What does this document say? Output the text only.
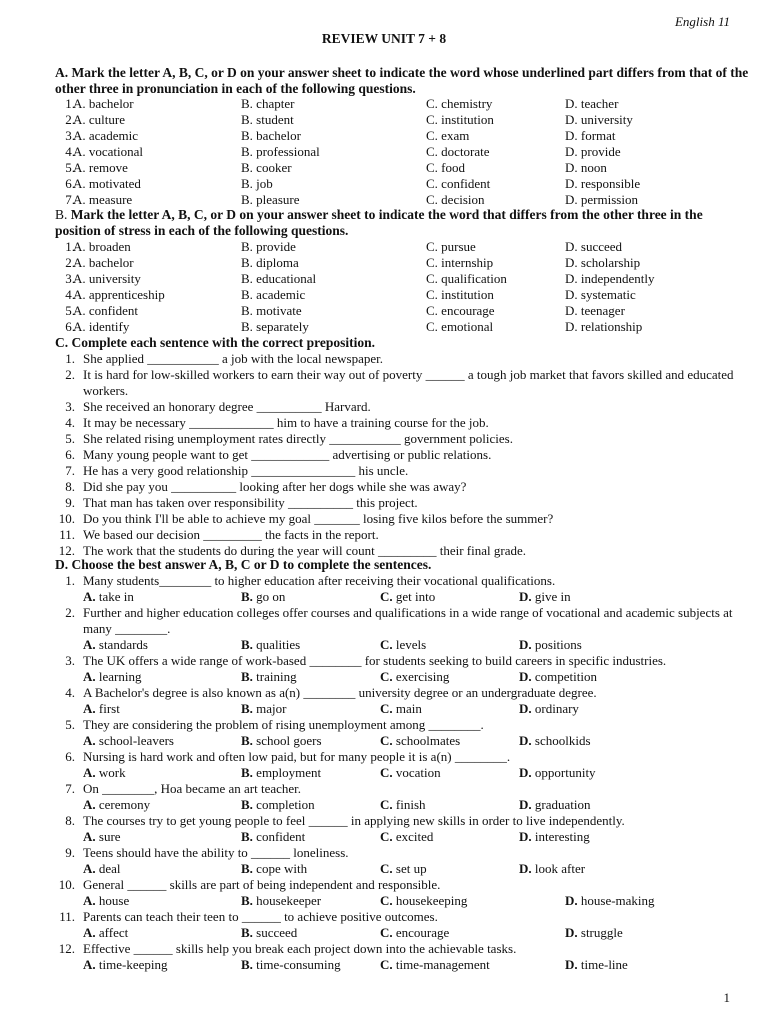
English 11
REVIEW UNIT 7 + 8
A. Mark the letter A, B, C, or D on your answer sheet to indicate the word whose underlined part differs from that of the other three in pronunciation in each of the following questions.
1.
A. bachelor	B. chapter	C. chemistry	D. teacher
2.
A. culture	B. student	C. institution	D. university
3.
A. academic	B. bachelor	C. exam	D. format
4.
A. vocational	B. professional	C. doctorate	D. provide
5.
A. remove	B. cooker	C. food	D. noon
6.
A. motivated	B. job	C. confident	D. responsible
7.
A. measure	B. pleasure	C. decision	D. permission
B. Mark the letter A, B, C, or D on your answer sheet to indicate the word that differs from the other three in the position of stress in each of the following questions.
1.
A. broaden	B. provide	C. pursue	D. succeed
2.
A. bachelor	B. diploma	C. internship	D. scholarship
3.
A. university	B. educational	C. qualification	D. independently
4.
A. apprenticeship	B. academic	C. institution	D. systematic
5.
A. confident	B. motivate	C. encourage	D. teenager
6.
A. identify	B. separately	C. emotional	D. relationship
C. Complete each sentence with the correct preposition.
1. She applied ___________ a job with the local newspaper.
2. It is hard for low-skilled workers to earn their way out of poverty ______ a tough job market that favors skilled and educated workers.
3. She received an honorary degree __________ Harvard.
4. It may be necessary _____________ him to have a training course for the job.
5. She related rising unemployment rates directly ___________ government policies.
6. Many young people want to get ____________ advertising or public relations.
7. He has a very good relationship ________________ his uncle.
8. Did she pay you __________ looking after her dogs while she was away?
9. That man has taken over responsibility __________ this project.
10. Do you think I'll be able to achieve my goal _______ losing five kilos before the summer?
11. We based our decision _________ the facts in the report.
12. The work that the students do during the year will count _________ their final grade.
D. Choose the best answer A, B, C or D to complete the sentences.
1. Many students________ to higher education after receiving their vocational qualifications.
A. take in	B. go on	C. get into	D. give in
2. Further and higher education colleges offer courses and qualifications in a wide range of vocational and academic subjects at many ________.
A. standards	B. qualities	C. levels	D. positions
3. The UK offers a wide range of work-based ________ for students seeking to build careers in specific industries.
A. learning	B. training	C. exercising	D. competition
4. A Bachelor's degree is also known as a(n) ________ university degree or an undergraduate degree.
A. first	B. major	C. main	D. ordinary
5. They are considering the problem of rising unemployment among ________.
A. school-leavers	B. school goers	C. schoolmates	D. schoolkids
6. Nursing is hard work and often low paid, but for many people it is a(n) ________.
A. work	B. employment	C. vocation	D. opportunity
7. On ________, Hoa became an art teacher.
A. ceremony	B. completion	C. finish	D. graduation
8. The courses try to get young people to feel ______ in applying new skills in order to live independently.
A. sure	B. confident	C. excited	D. interesting
9. Teens should have the ability to ______ loneliness.
A. deal	B. cope with	C. set up	D. look after
10. General ______ skills are part of being independent and responsible.
A. house	B. housekeeper	C. housekeeping	D. house-making
11. Parents can teach their teen to ______ to achieve positive outcomes.
A. affect	B. succeed	C. encourage	D. struggle
12. Effective ______ skills help you break each project down into the achievable tasks.
A. time-keeping	B. time-consuming	C. time-management	D. time-line
1
